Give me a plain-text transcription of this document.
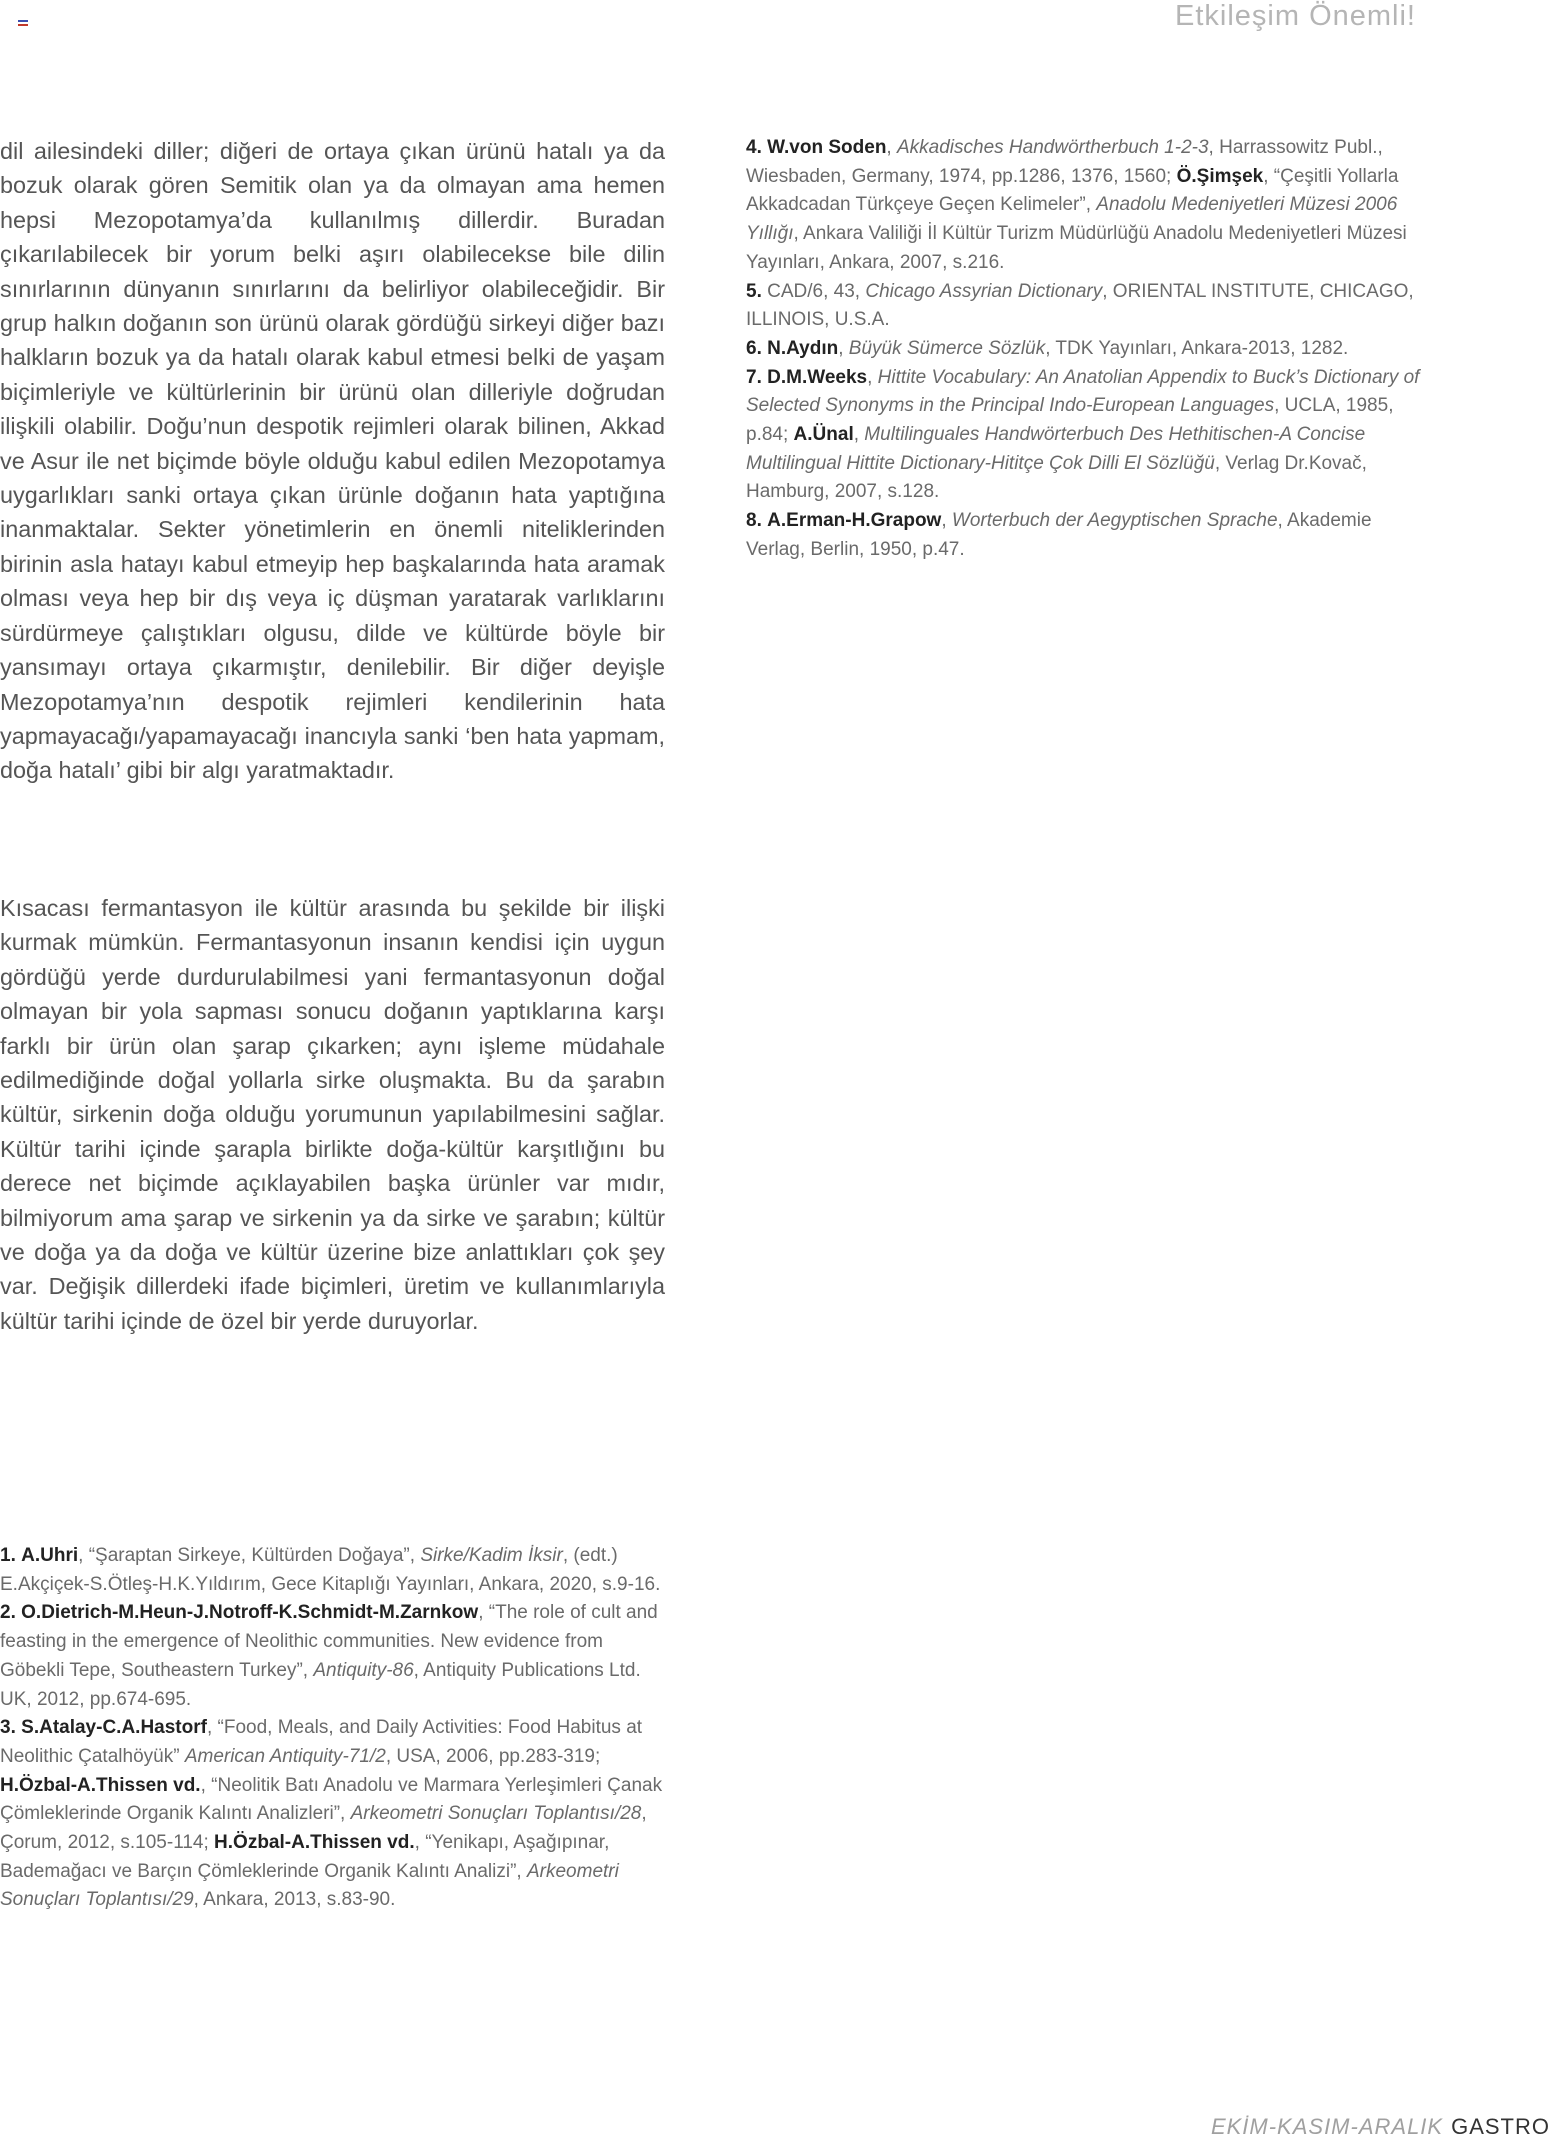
Etkileşim Önemli!

dil ailesindeki diller; diğeri de ortaya çıkan ürünü hatalı ya da bozuk olarak gören Semitik olan ya da olmayan ama hemen hepsi Mezopotamya’da kullanılmış dillerdir. Buradan çıkarılabilecek bir yorum belki aşırı olabilecekse bile dilin sınırlarının dünyanın sınırlarını da belirliyor olabileceğidir. Bir grup halkın doğanın son ürünü olarak gördüğü sirkeyi diğer bazı halkların bozuk ya da hatalı olarak kabul etmesi belki de yaşam biçimleriyle ve kültürlerinin bir ürünü olan dilleriyle doğrudan ilişkili olabilir. Doğu’nun despotik rejimleri olarak bilinen, Akkad ve Asur ile net biçimde böyle olduğu kabul edilen Mezopotamya uygarlıkları sanki ortaya çıkan ürünle doğanın hata yaptığına inanmaktalar. Sekter yönetimlerin en önemli niteliklerinden birinin asla hatayı kabul etmeyip hep başkalarında hata aramak olması veya hep bir dış veya iç düşman yaratarak varlıklarını sürdürmeye çalıştıkları olgusu, dilde ve kültürde böyle bir yansımayı ortaya çıkarmıştır, denilebilir. Bir diğer deyişle Mezopotamya’nın despotik rejimleri kendilerinin hata yapmayacağı/yapamayacağı inancıyla sanki ‘ben hata yapmam, doğa hatalı’ gibi bir algı yaratmaktadır.

Kısacası fermantasyon ile kültür arasında bu şekilde bir ilişki kurmak mümkün. Fermantasyonun insanın kendisi için uygun gördüğü yerde durdurulabilmesi yani fermantasyonun doğal olmayan bir yola sapması sonucu doğanın yaptıklarına karşı farklı bir ürün olan şarap çıkarken; aynı işleme müdahale edilmediğinde doğal yollarla sirke oluşmakta. Bu da şarabın kültür, sirkenin doğa olduğu yorumunun yapılabilmesini sağlar. Kültür tarihi içinde şarapla birlikte doğa-kültür karşıtlığını bu derece net biçimde açıklayabilen başka ürünler var mıdır, bilmiyorum ama şarap ve sirkenin ya da sirke ve şarabın; kültür ve doğa ya da doğa ve kültür üzerine bize anlattıkları çok şey var. Değişik dillerdeki ifade biçimleri, üretim ve kullanımlarıyla kültür tarihi içinde de özel bir yerde duruyorlar.

4. W.von Soden, Akkadisches Handwörtherbuch 1-2-3, Harrassowitz Publ., Wiesbaden, Germany, 1974, pp.1286, 1376, 1560; Ö.Şimşek, “Çeşitli Yollarla Akkadcadan Türkçeye Geçen Kelimeler”, Anadolu Medeniyetleri Müzesi 2006 Yıllığı, Ankara Valiliği İl Kültür Turizm Müdürlüğü Anadolu Medeniyetleri Müzesi Yayınları, Ankara, 2007, s.216.

5. CAD/6, 43, Chicago Assyrian Dictionary, ORIENTAL INSTITUTE, CHICAGO, ILLINOIS, U.S.A.

6. N.Aydın, Büyük Sümerce Sözlük, TDK Yayınları, Ankara-2013, 1282.

7. D.M.Weeks, Hittite Vocabulary: An Anatolian Appendix to Buck’s Dictionary of Selected Synonyms in the Principal Indo-European Languages, UCLA, 1985, p.84; A.Ünal, Multilinguales Handwörterbuch Des Hethitischen-A Concise Multilingual Hittite Dictionary-Hititçe Çok Dilli El Sözlüğü, Verlag Dr.Kovač, Hamburg, 2007, s.128.

8. A.Erman-H.Grapow, Worterbuch der Aegyptischen Sprache, Akademie Verlag, Berlin, 1950, p.47.

1. A.Uhri, “Şaraptan Sirkeye, Kültürden Doğaya”, Sirke/Kadim İksir, (edt.) E.Akçiçek-S.Ötleş-H.K.Yıldırım, Gece Kitaplığı Yayınları, Ankara, 2020, s.9-16.

2. O.Dietrich-M.Heun-J.Notroff-K.Schmidt-M.Zarnkow, “The role of cult and feasting in the emergence of Neolithic communities. New evidence from Göbekli Tepe, Southeastern Turkey”, Antiquity-86, Antiquity Publications Ltd. UK, 2012, pp.674-695.

3. S.Atalay-C.A.Hastorf, “Food, Meals, and Daily Activities: Food Habitus at Neolithic Çatalhöyük” American Antiquity-71/2, USA, 2006, pp.283-319; H.Özbal-A.Thissen vd., “Neolitik Batı Anadolu ve Marmara Yerleşimleri Çanak Çömleklerinde Organik Kalıntı Analizleri”, Arkeometri Sonuçları Toplantısı/28, Çorum, 2012, s.105-114; H.Özbal-A.Thissen vd., “Yenikapı, Aşağıpınar, Bademağacı ve Barçın Çömleklerinde Organik Kalıntı Analizi”, Arkeometri Sonuçları Toplantısı/29, Ankara, 2013, s.83-90.

EKİM-KASIM-ARALIK GASTRO
